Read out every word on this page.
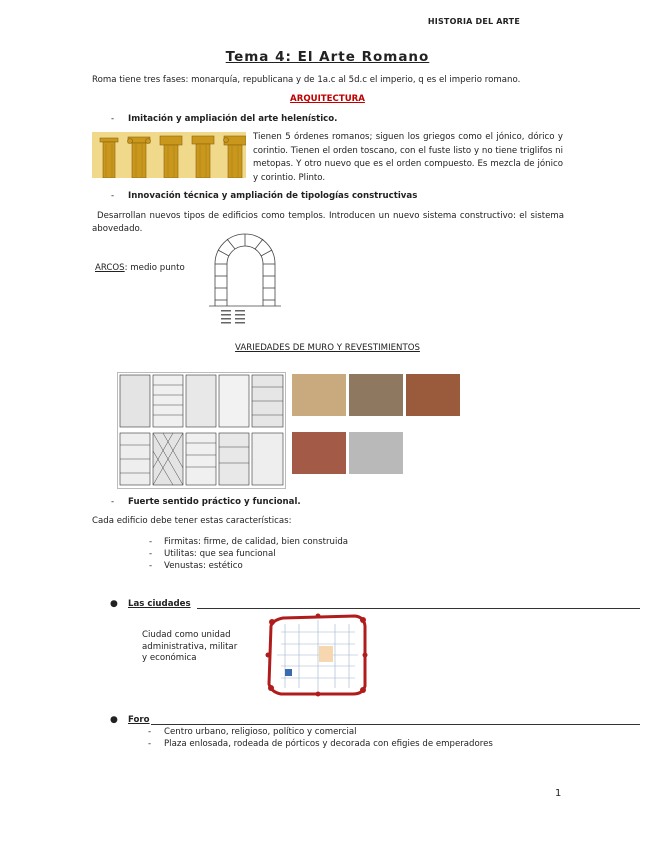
HISTORIA DEL ARTE
Tema 4: El Arte Romano
Roma tiene tres fases: monarquía, republicana y de 1a.c al 5d.c el imperio, q es el imperio romano.
ARQUITECTURA
- Imitación y ampliación del arte helenístico.
Tienen 5 órdenes romanos; siguen los griegos como el jónico, dórico y corintio. Tienen el orden toscano, con el fuste listo y no tiene triglifos ni metopas. Y otro nuevo que es el orden compuesto. Es mezcla de jónico y corintio. Plinto.
- Innovación técnica y ampliación de tipologías constructivas
Desarrollan nuevos tipos de edificios como templos. Introducen un nuevo sistema constructivo: el sistema abovedado.
ARCOS: medio punto
VARIEDADES DE MURO Y REVESTIMIENTOS
- Fuerte sentido práctico y funcional.
Cada edificio debe tener estas características:
- Firmitas: firme, de calidad, bien construida
- Utilitas: que sea funcional
- Venustas: estético
● Las ciudades
Ciudad como unidad administrativa, militar y económica
● Foro
- Centro urbano, religioso, político y comercial
- Plaza enlosada, rodeada de pórticos y decorada con efigies de emperadores
1
